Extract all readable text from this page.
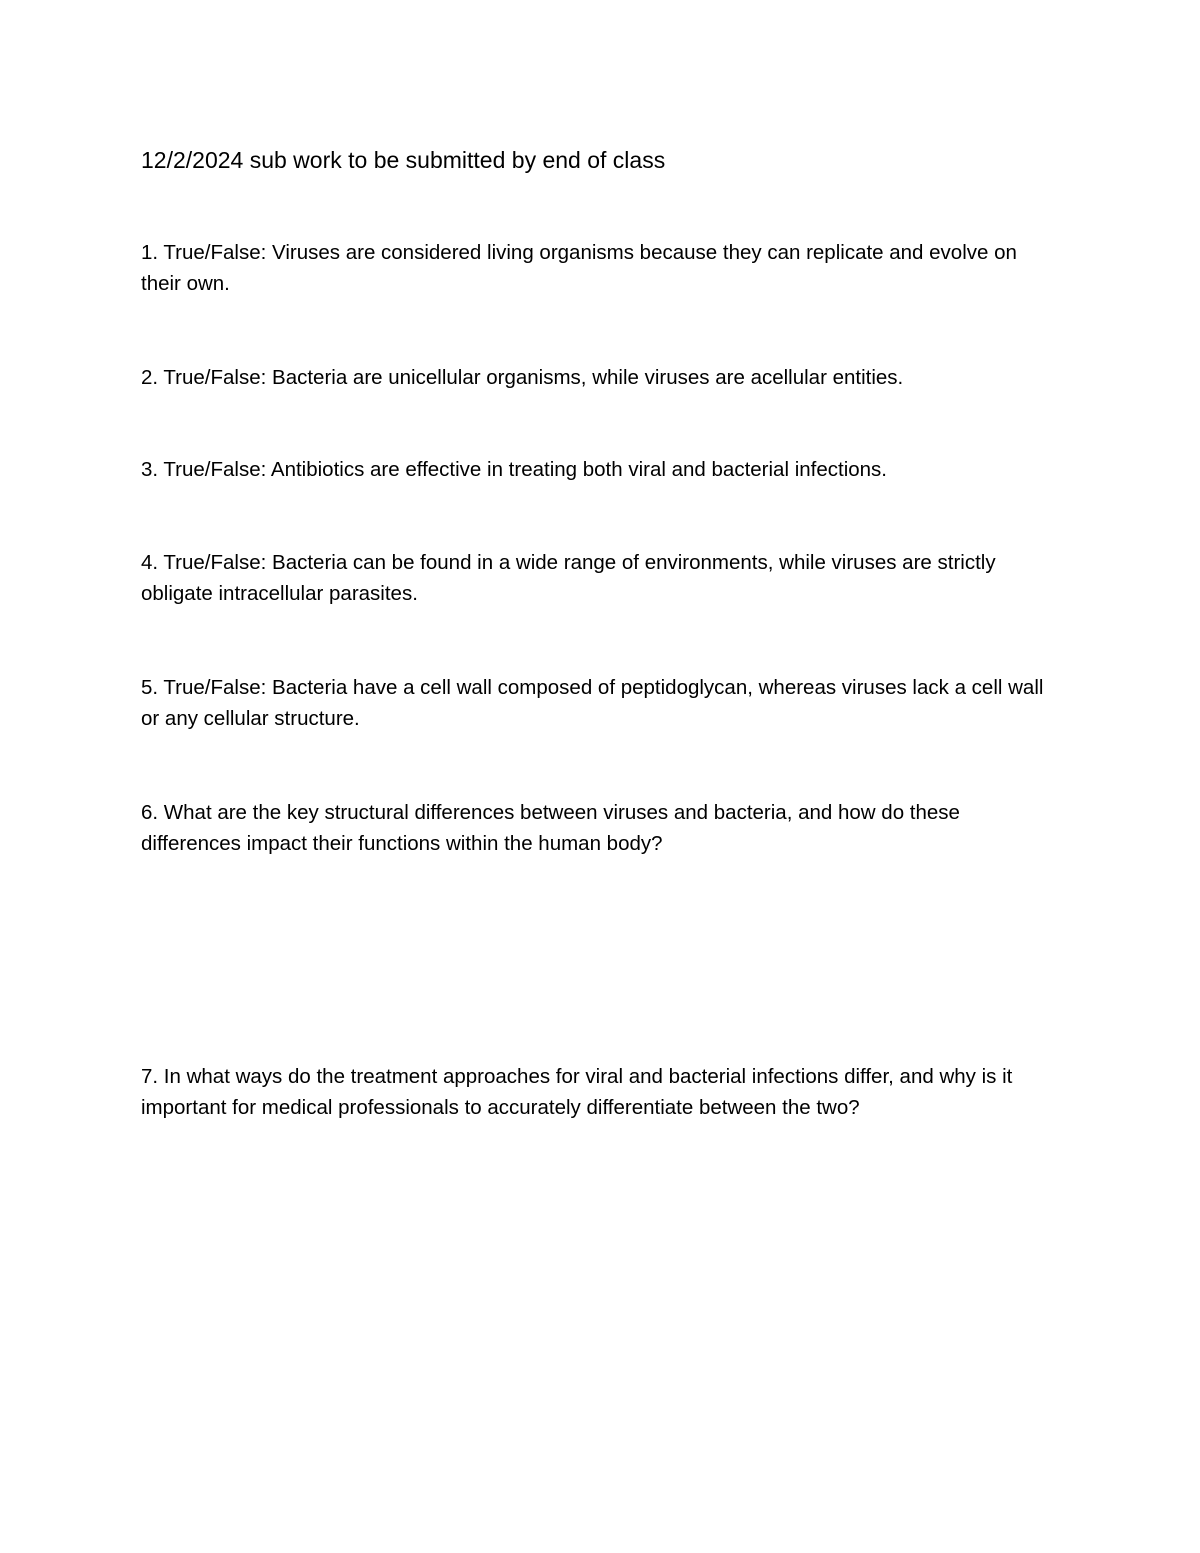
12/2/2024 sub work to be submitted by end of class
1. True/False: Viruses are considered living organisms because they can replicate and evolve on their own.
2. True/False: Bacteria are unicellular organisms, while viruses are acellular entities.
3. True/False: Antibiotics are effective in treating both viral and bacterial infections.
4. True/False: Bacteria can be found in a wide range of environments, while viruses are strictly obligate intracellular parasites.
5. True/False: Bacteria have a cell wall composed of peptidoglycan, whereas viruses lack a cell wall or any cellular structure.
6. What are the key structural differences between viruses and bacteria, and how do these differences impact their functions within the human body?
7. In what ways do the treatment approaches for viral and bacterial infections differ, and why is it important for medical professionals to accurately differentiate between the two?
